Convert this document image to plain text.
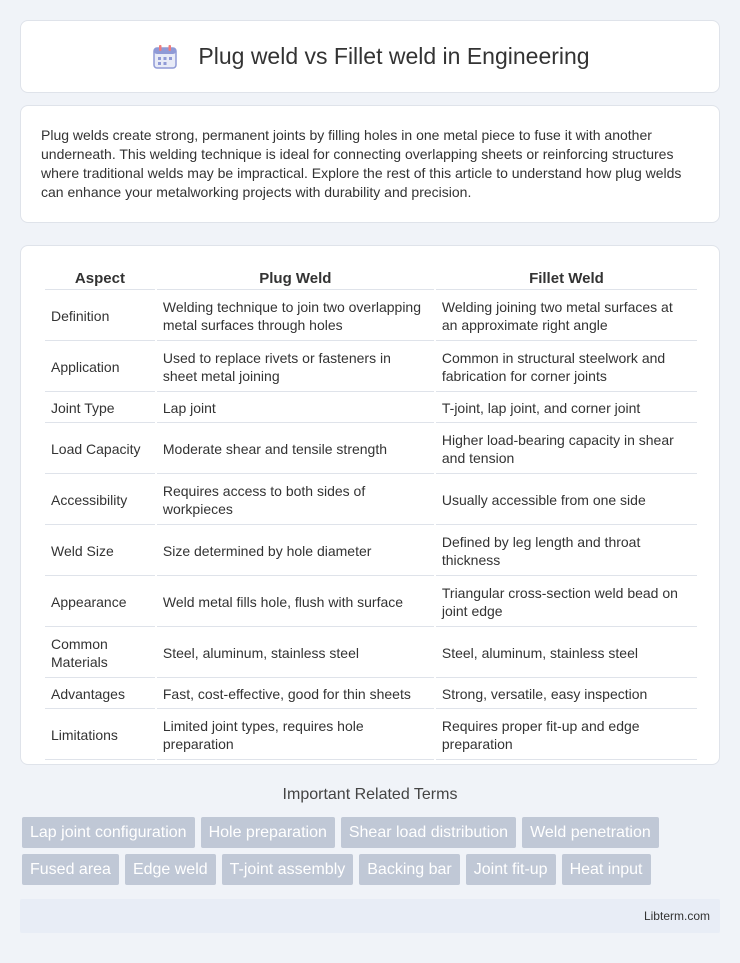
Plug weld vs Fillet weld in Engineering

Plug welds create strong, permanent joints by filling holes in one metal piece to fuse it with another underneath. This welding technique is ideal for connecting overlapping sheets or reinforcing structures where traditional welds may be impractical. Explore the rest of this article to understand how plug welds can enhance your metalworking projects with durability and precision.

Aspect	Plug Weld	Fillet Weld
Definition	Welding technique to join two overlapping metal surfaces through holes	Welding joining two metal surfaces at an approximate right angle
Application	Used to replace rivets or fasteners in sheet metal joining	Common in structural steelwork and fabrication for corner joints
Joint Type	Lap joint	T-joint, lap joint, and corner joint
Load Capacity	Moderate shear and tensile strength	Higher load-bearing capacity in shear and tension
Accessibility	Requires access to both sides of workpieces	Usually accessible from one side
Weld Size	Size determined by hole diameter	Defined by leg length and throat thickness
Appearance	Weld metal fills hole, flush with surface	Triangular cross-section weld bead on joint edge
Common Materials	Steel, aluminum, stainless steel	Steel, aluminum, stainless steel
Advantages	Fast, cost-effective, good for thin sheets	Strong, versatile, easy inspection
Limitations	Limited joint types, requires hole preparation	Requires proper fit-up and edge preparation
Important Related Terms
Lap joint configuration	Hole preparation	Shear load distribution	Weld penetration
Fused area	Edge weld	T-joint assembly	Backing bar	Joint fit-up	Heat input
Libterm.com
